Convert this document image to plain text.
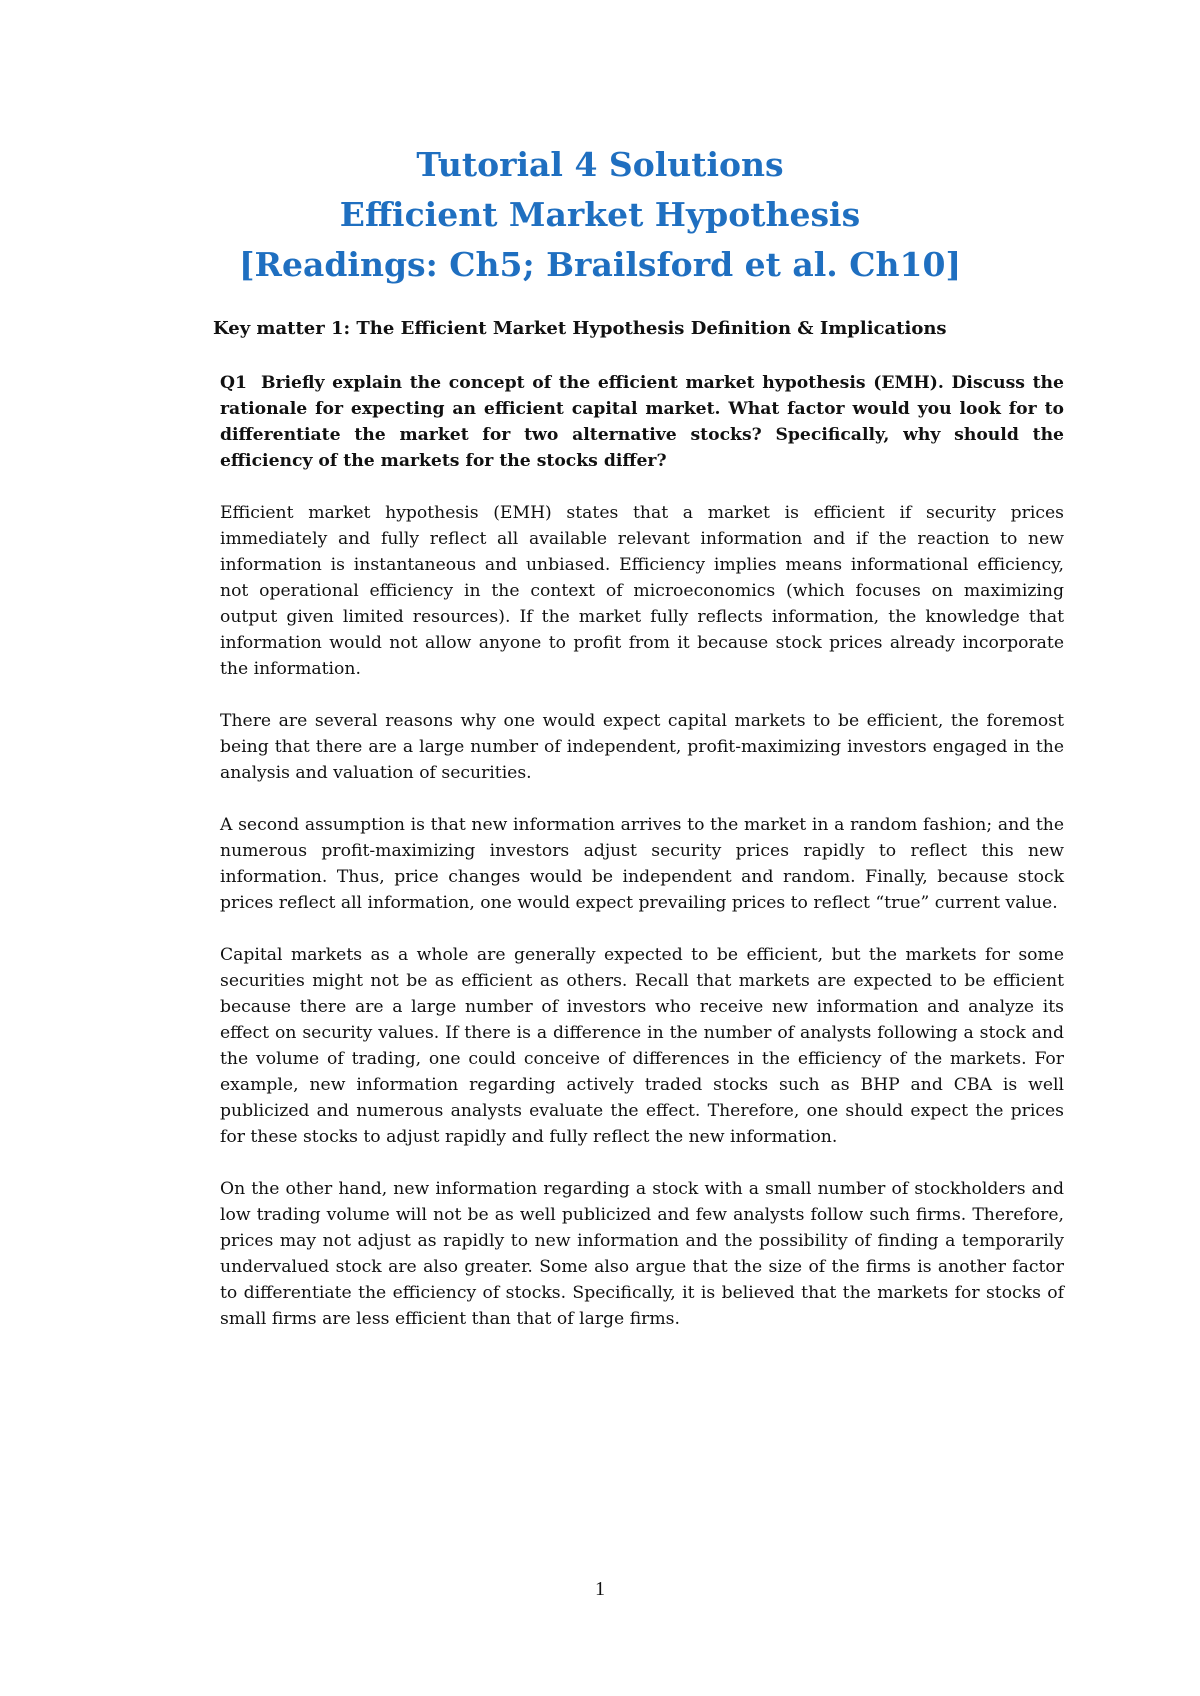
Tutorial 4 Solutions
Efficient Market Hypothesis
[Readings: Ch5; Brailsford et al. Ch10]
Key matter 1: The Efficient Market Hypothesis Definition & Implications

Q1 Briefly explain the concept of the efficient market hypothesis (EMH). Discuss the rationale for expecting an efficient capital market. What factor would you look for to differentiate the market for two alternative stocks? Specifically, why should the efficiency of the markets for the stocks differ?

Efficient market hypothesis (EMH) states that a market is efficient if security prices immediately and fully reflect all available relevant information and if the reaction to new information is instantaneous and unbiased. Efficiency implies means informational efficiency, not operational efficiency in the context of microeconomics (which focuses on maximizing output given limited resources). If the market fully reflects information, the knowledge that information would not allow anyone to profit from it because stock prices already incorporate the information.

There are several reasons why one would expect capital markets to be efficient, the foremost being that there are a large number of independent, profit-maximizing investors engaged in the analysis and valuation of securities.

A second assumption is that new information arrives to the market in a random fashion; and the numerous profit-maximizing investors adjust security prices rapidly to reflect this new information. Thus, price changes would be independent and random. Finally, because stock prices reflect all information, one would expect prevailing prices to reflect “true” current value.

Capital markets as a whole are generally expected to be efficient, but the markets for some securities might not be as efficient as others. Recall that markets are expected to be efficient because there are a large number of investors who receive new information and analyze its effect on security values. If there is a difference in the number of analysts following a stock and the volume of trading, one could conceive of differences in the efficiency of the markets. For example, new information regarding actively traded stocks such as BHP and CBA is well publicized and numerous analysts evaluate the effect. Therefore, one should expect the prices for these stocks to adjust rapidly and fully reflect the new information.

On the other hand, new information regarding a stock with a small number of stockholders and low trading volume will not be as well publicized and few analysts follow such firms. Therefore, prices may not adjust as rapidly to new information and the possibility of finding a temporarily undervalued stock are also greater. Some also argue that the size of the firms is another factor to differentiate the efficiency of stocks. Specifically, it is believed that the markets for stocks of small firms are less efficient than that of large firms.

1
